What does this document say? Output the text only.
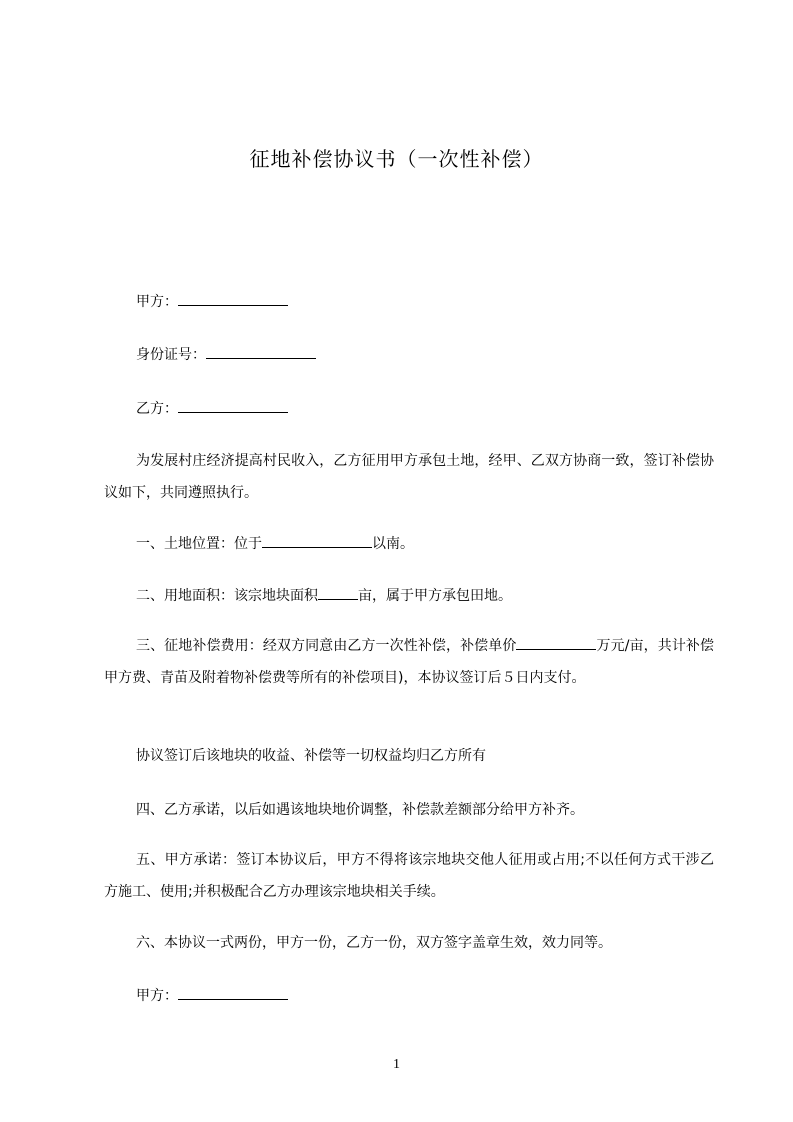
征地补偿协议书（一次性补偿）
甲方：
身份证号：
乙方：
为发展村庄经济提高村民收入，乙方征用甲方承包土地，经甲、乙双方协商一致，签订补偿协议如下，共同遵照执行。
一、土地位置：位于	以南。
二、用地面积：该宗地块面积	亩，属于甲方承包田地。
三、征地补偿费用：经双方同意由乙方一次性补偿，补偿单价	万元/亩，共计补偿甲方费、青苗及附着物补偿费等所有的补偿项目)，本协议签订后５日内支付。
协议签订后该地块的收益、补偿等一切权益均归乙方所有
四、乙方承诺，以后如遇该地块地价调整，补偿款差额部分给甲方补齐。
五、甲方承诺：签订本协议后，甲方不得将该宗地块交他人征用或占用;不以任何方式干涉乙方施工、使用;并积极配合乙方办理该宗地块相关手续。
六、本协议一式两份，甲方一份，乙方一份，双方签字盖章生效，效力同等。
甲方：
1
